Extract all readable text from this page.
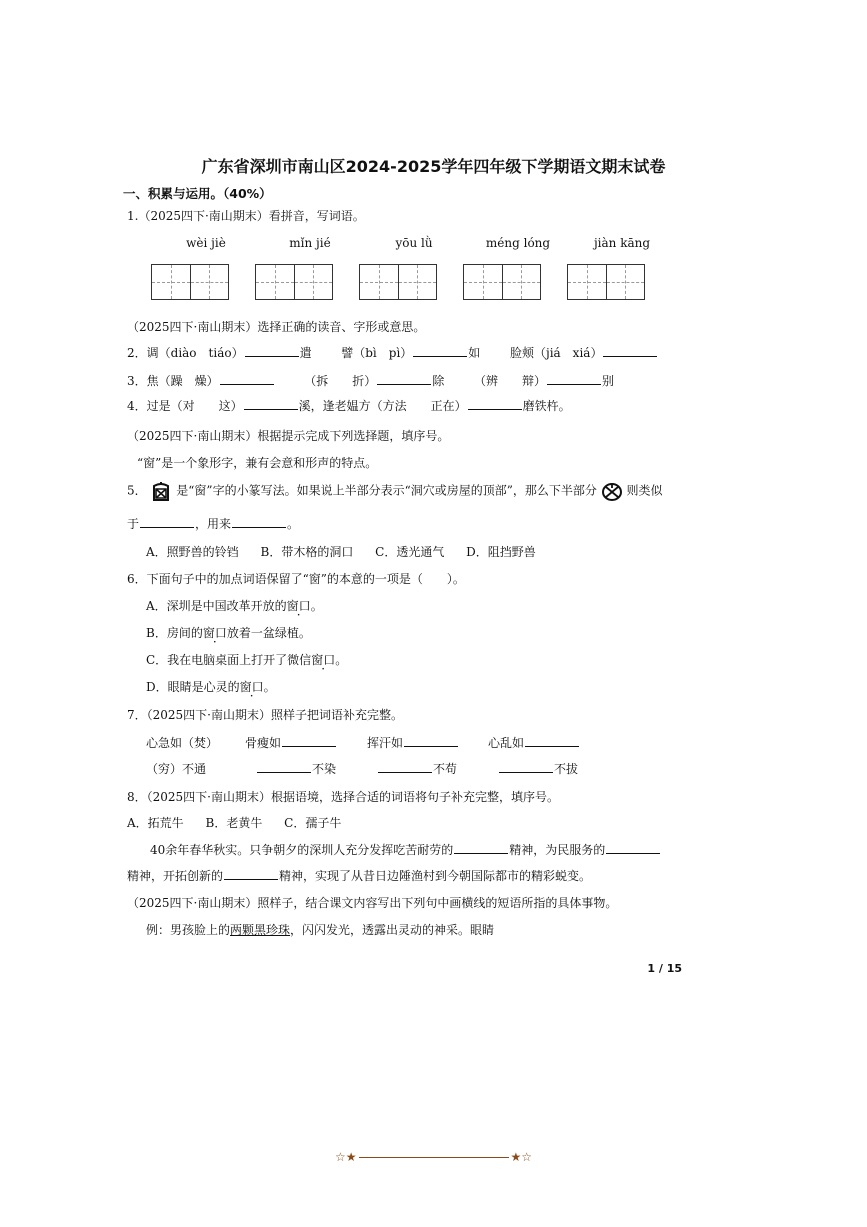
广东省深圳市南山区2024-2025学年四年级下学期语文期末试卷
一、积累与运用。（40%）
1.（2025四下·南山期末）看拼音，写词语。
wèi jiè	mǐn jié	yōu lǜ	méng lóng	jiàn kāng
（2025四下·南山期末）选择正确的读音、字形或意思。
2．调（diào　tiáo）	遣 譬（bì　pì）	如 脸颊（jiá　xiá）
3．焦（躁　燥）	（拆　　折）	除 （辨　　辩）	别
4．过是（对　　这）	溪，逢老媪方（方法　　正在）	磨铁杵。
（2025四下·南山期末）根据提示完成下列选择题，填序号。
“窗”是一个象形字，兼有会意和形声的特点。
5． 是“窗”字的小篆写法。如果说上半部分表示“洞穴或房屋的顶部”，那么下半部分 则类似
于	，用来	。
A．照野兽的铃铛 B．带木格的洞口 C．透光通气 D．阻挡野兽
6．下面句子中的加点词语保留了“窗”的本意的一项是（　　）。
A．深圳是中国改革开放的窗口。
B．房间的窗口放着一盆绿植。
C．我在电脑桌面上打开了微信窗口。
D．眼睛是心灵的窗口。
7．（2025四下·南山期末）照样子把词语补充完整。
心急如（焚） 骨瘦如	挥汗如	心乱如
（穷）不通	不染	不苟	不拔
8．（2025四下·南山期末）根据语境，选择合适的词语将句子补充完整，填序号。
A．拓荒牛 B．老黄牛 C．孺子牛
40余年春华秋实。只争朝夕的深圳人充分发挥吃苦耐劳的	精神，为民服务的
精神，开拓创新的	精神，实现了从昔日边陲渔村到今朝国际都市的精彩蜕变。
（2025四下·南山期末）照样子，结合课文内容写出下列句中画横线的短语所指的具体事物。
例：男孩脸上的两颗黑珍珠，闪闪发光，透露出灵动的神采。眼睛
1 / 15
☆★	★☆
